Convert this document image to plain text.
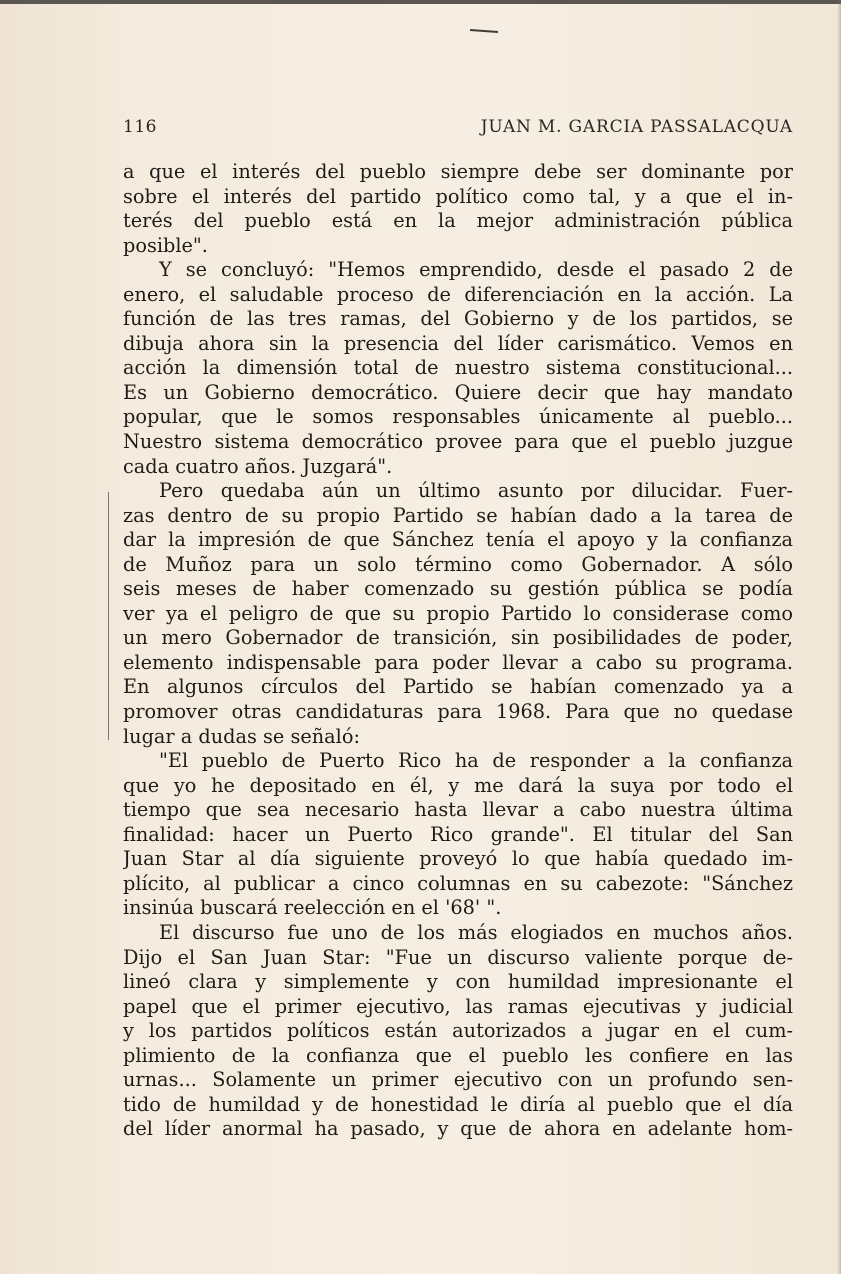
116	JUAN M. GARCIA PASSALACQUA
a que el interés del pueblo siempre debe ser dominante por
sobre el interés del partido político como tal, y a que el in-
terés del pueblo está en la mejor administración pública
posible".
Y se concluyó: "Hemos emprendido, desde el pasado 2 de
enero, el saludable proceso de diferenciación en la acción. La
función de las tres ramas, del Gobierno y de los partidos, se
dibuja ahora sin la presencia del líder carismático. Vemos en
acción la dimensión total de nuestro sistema constitucional...
Es un Gobierno democrático. Quiere decir que hay mandato
popular, que le somos responsables únicamente al pueblo...
Nuestro sistema democrático provee para que el pueblo juzgue
cada cuatro años. Juzgará".
Pero quedaba aún un último asunto por dilucidar. Fuer-
zas dentro de su propio Partido se habían dado a la tarea de
dar la impresión de que Sánchez tenía el apoyo y la confianza
de Muñoz para un solo término como Gobernador. A sólo
seis meses de haber comenzado su gestión pública se podía
ver ya el peligro de que su propio Partido lo considerase como
un mero Gobernador de transición, sin posibilidades de poder,
elemento indispensable para poder llevar a cabo su programa.
En algunos círculos del Partido se habían comenzado ya a
promover otras candidaturas para 1968. Para que no quedase
lugar a dudas se señaló:
"El pueblo de Puerto Rico ha de responder a la confianza
que yo he depositado en él, y me dará la suya por todo el
tiempo que sea necesario hasta llevar a cabo nuestra última
finalidad: hacer un Puerto Rico grande". El titular del San
Juan Star al día siguiente proveyó lo que había quedado im-
plícito, al publicar a cinco columnas en su cabezote: "Sánchez
insinúa buscará reelección en el '68' ".
El discurso fue uno de los más elogiados en muchos años.
Dijo el San Juan Star: "Fue un discurso valiente porque de-
lineó clara y simplemente y con humildad impresionante el
papel que el primer ejecutivo, las ramas ejecutivas y judicial
y los partidos políticos están autorizados a jugar en el cum-
plimiento de la confianza que el pueblo les confiere en las
urnas... Solamente un primer ejecutivo con un profundo sen-
tido de humildad y de honestidad le diría al pueblo que el día
del líder anormal ha pasado, y que de ahora en adelante hom-
